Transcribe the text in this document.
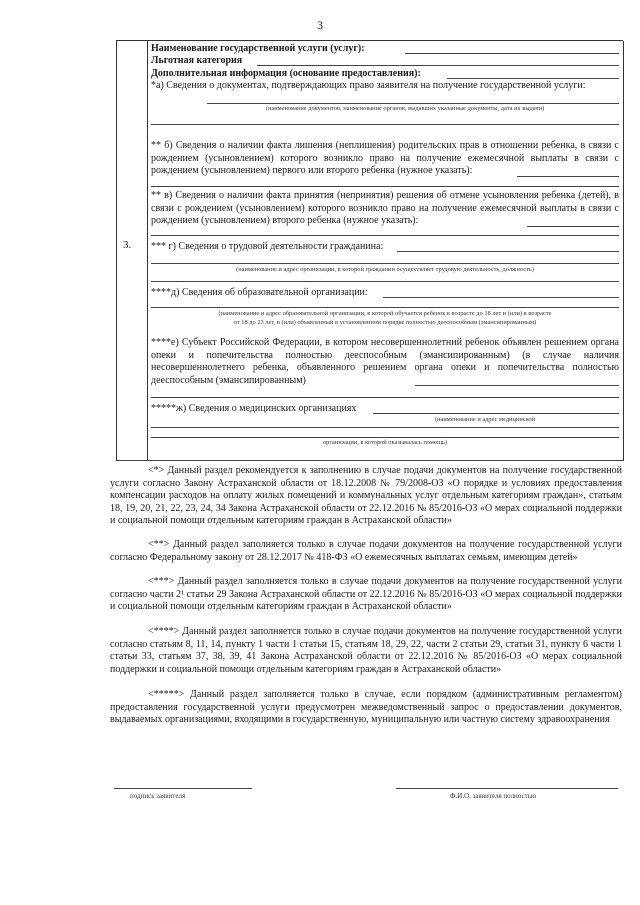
3
3.
Наименование государственной услуги (услуг):
Льготная категория
Дополнительная информация (основание предоставления):
*а) Сведения о документах, подтверждающих право заявителя на получение государственной услуги:
(наименование документов, наименование органов, выдавших указанные документы, дата их выдачи)
** б) Сведения о наличии факта лишения (неплишения) родительских прав в отношении ребенка, в связи с рождением (усыновлением) которого возникло право на получение ежемесячной выплаты в связи с рождением (усыновлением) первого или второго ребенка (нужное указать):
** в) Сведения о наличии факта принятия (непринятия) решения об отмене усыновления ребенка (детей), в связи с рождением (усыновлением) которого возникло право на получение ежемесячной выплаты в связи с рождением (усыновлением) второго ребенка (нужное указать):
*** г) Сведения о трудовой деятельности гражданина:
(наименование и адрес организации, в которой гражданин осуществляет трудовую деятельность, должность)
****д) Сведения об образовательной организации:
(наименование и адрес образовательной организации, в которой обучается ребенок в возрасте до 18 лет и (или) в возрасте
от 18 до 23 лет, в (или) объявленный в установленном порядке полностью дееспособным (эмансипированным)
****е) Субъект Российской Федерации, в котором несовершеннолетний ребенок объявлен решением органа опеки и попечительства полностью дееспособным (эмансипированным) (в случае наличия несовершеннолетнего ребенка, объявленного решением органа опеки и попечительства полностью дееспособным (эмансипированным)
*****ж) Сведения о медицинских организациях
(наименование и адрес медицинской
организации, в которой оказывалась помощь)
<*> Данный раздел рекомендуется к заполнению в случае подачи документов на получение государственной услуги согласно Закону Астраханской области от 18.12.2008 № 79/2008-ОЗ «О порядке и условиях предоставления компенсации расходов на оплату жилых помещений и коммунальных услуг отдельным категориям граждан», статьям 18, 19, 20, 21, 22, 23, 24, 34 Закона Астраханской области от 22.12.2016 № 85/2016-ОЗ «О мерах социальной поддержки и социальной помощи отдельным категориям граждан в Астраханской области»
<**> Данный раздел заполняется только в случае подачи документов на получение государственной услуги согласно Федеральному закону от 28.12.2017 № 418-ФЗ «О ежемесячных выплатах семьям, имеющим детей»
<***> Данный раздел заполняется только в случае подачи документов на получение государственной услуги согласно части 2¹ статьи 29 Закона Астраханской области от 22.12.2016 № 85/2016-ОЗ «О мерах социальной поддержки и социальной помощи отдельным категориям граждан в Астраханской области»
<****> Данный раздел заполняется только в случае подачи документов на получение государственной услуги согласно статьям 8, 11, 14, пункту 1 части 1 статьи 15, статьям 18, 29, 22, части 2 статьи 29, статьи 31, пункту 6 части 1 статьи 33, статьям 37, 38, 39, 41 Закона Астраханской области от 22.12.2016 № 85/2016-ОЗ «О мерах социальной поддержки и социальной помощи отдельным категориям граждан в Астраханской области»
<*****> Данный раздел заполняется только в случае, если порядком (административным регламентом) предоставления государственной услуги предусмотрен межведомственный запрос о предоставлении документов, выдаваемых организациями, входящими в государственную, муниципальную или частную систему здравоохранения
подпись заявителя	Ф.И.О. заявителя полностью
